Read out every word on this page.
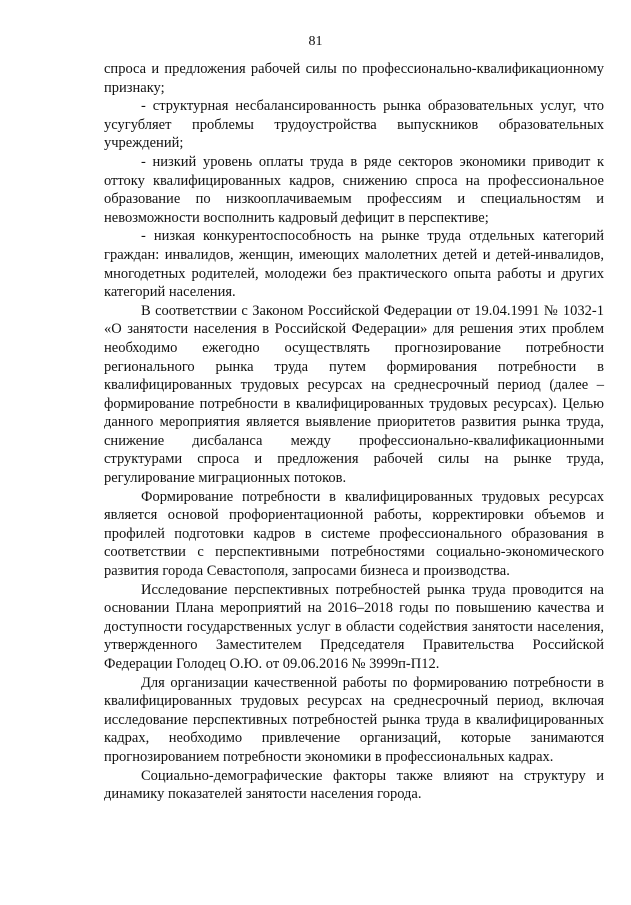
81

спроса и предложения рабочей силы по профессионально-квалификационному признаку;

- структурная несбалансированность рынка образовательных услуг, что усугубляет проблемы трудоустройства выпускников образовательных учреждений;

- низкий уровень оплаты труда в ряде секторов экономики приводит к оттоку квалифицированных кадров, снижению спроса на профессиональное образование по низкооплачиваемым профессиям и специальностям и невозможности восполнить кадровый дефицит в перспективе;

- низкая конкурентоспособность на рынке труда отдельных категорий граждан: инвалидов, женщин, имеющих малолетних детей и детей-инвалидов, многодетных родителей, молодежи без практического опыта работы и других категорий населения.

В соответствии с Законом Российской Федерации от 19.04.1991 № 1032-1 «О занятости населения в Российской Федерации» для решения этих проблем необходимо ежегодно осуществлять прогнозирование потребности регионального рынка труда путем формирования потребности в квалифицированных трудовых ресурсах на среднесрочный период (далее – формирование потребности в квалифицированных трудовых ресурсах). Целью данного мероприятия является выявление приоритетов развития рынка труда, снижение дисбаланса между профессионально-квалификационными структурами спроса и предложения рабочей силы на рынке труда, регулирование миграционных потоков.

Формирование потребности в квалифицированных трудовых ресурсах является основой профориентационной работы, корректировки объемов и профилей подготовки кадров в системе профессионального образования в соответствии с перспективными потребностями социально-экономического развития города Севастополя, запросами бизнеса и производства.

Исследование перспективных потребностей рынка труда проводится на основании Плана мероприятий на 2016–2018 годы по повышению качества и доступности государственных услуг в области содействия занятости населения, утвержденного Заместителем Председателя Правительства Российской Федерации Голодец О.Ю. от 09.06.2016 № 3999п-П12.

Для организации качественной работы по формированию потребности в квалифицированных трудовых ресурсах на среднесрочный период, включая исследование перспективных потребностей рынка труда в квалифицированных кадрах, необходимо привлечение организаций, которые занимаются прогнозированием потребности экономики в профессиональных кадрах.

Социально-демографические факторы также влияют на структуру и динамику показателей занятости населения города.
